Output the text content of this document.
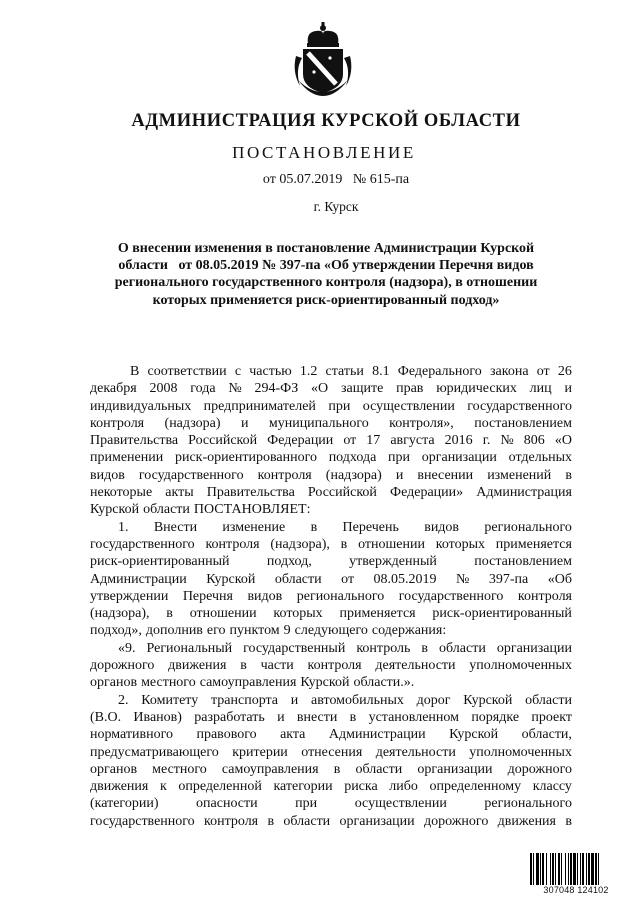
АДМИНИСТРАЦИЯ КУРСКОЙ ОБЛАСТИ
ПОСТАНОВЛЕНИЕ
от 05.07.2019   № 615-па
г. Курск
О внесении изменения в постановление Администрации Курской
области   от 08.05.2019 № 397-па «Об утверждении Перечня видов
регионального государственного контроля (надзора), в отношении
которых применяется риск-ориентированный подход»
В соответствии с частью 1.2 статьи 8.1 Федерального закона от 26
декабря 2008 года № 294-ФЗ «О защите прав юридических лиц и
индивидуальных предпринимателей при осуществлении государственного
контроля (надзора) и муниципального контроля», постановлением
Правительства Российской Федерации от 17 августа 2016 г. № 806 «О
применении риск-ориентированного подхода при организации отдельных
видов государственного контроля (надзора) и внесении изменений в
некоторые акты Правительства Российской Федерации» Администрация
Курской области ПОСТАНОВЛЯЕТ:
1. Внести изменение в Перечень видов регионального
государственного контроля (надзора), в отношении которых применяется
риск-ориентированный	подход,	утвержденный	постановлением
Администрации Курской области от 08.05.2019 № 397-па «Об
утверждении Перечня видов регионального государственного контроля
(надзора), в отношении которых применяется риск-ориентированный
подход», дополнив его пунктом 9 следующего содержания:
«9. Региональный государственный контроль в области организации
дорожного движения в части контроля деятельности уполномоченных
органов местного самоуправления Курской области.».
2. Комитету транспорта и автомобильных дорог Курской области
(В.О. Иванов) разработать и внести в установленном порядке проект
нормативного правового акта Администрации Курской области,
предусматривающего критерии отнесения деятельности уполномоченных
органов местного самоуправления в области организации дорожного
движения к определенной категории риска либо определенному классу
(категории)	опасности	при	осуществлении	регионального
государственного контроля в области организации дорожного движения в
307048 124102
